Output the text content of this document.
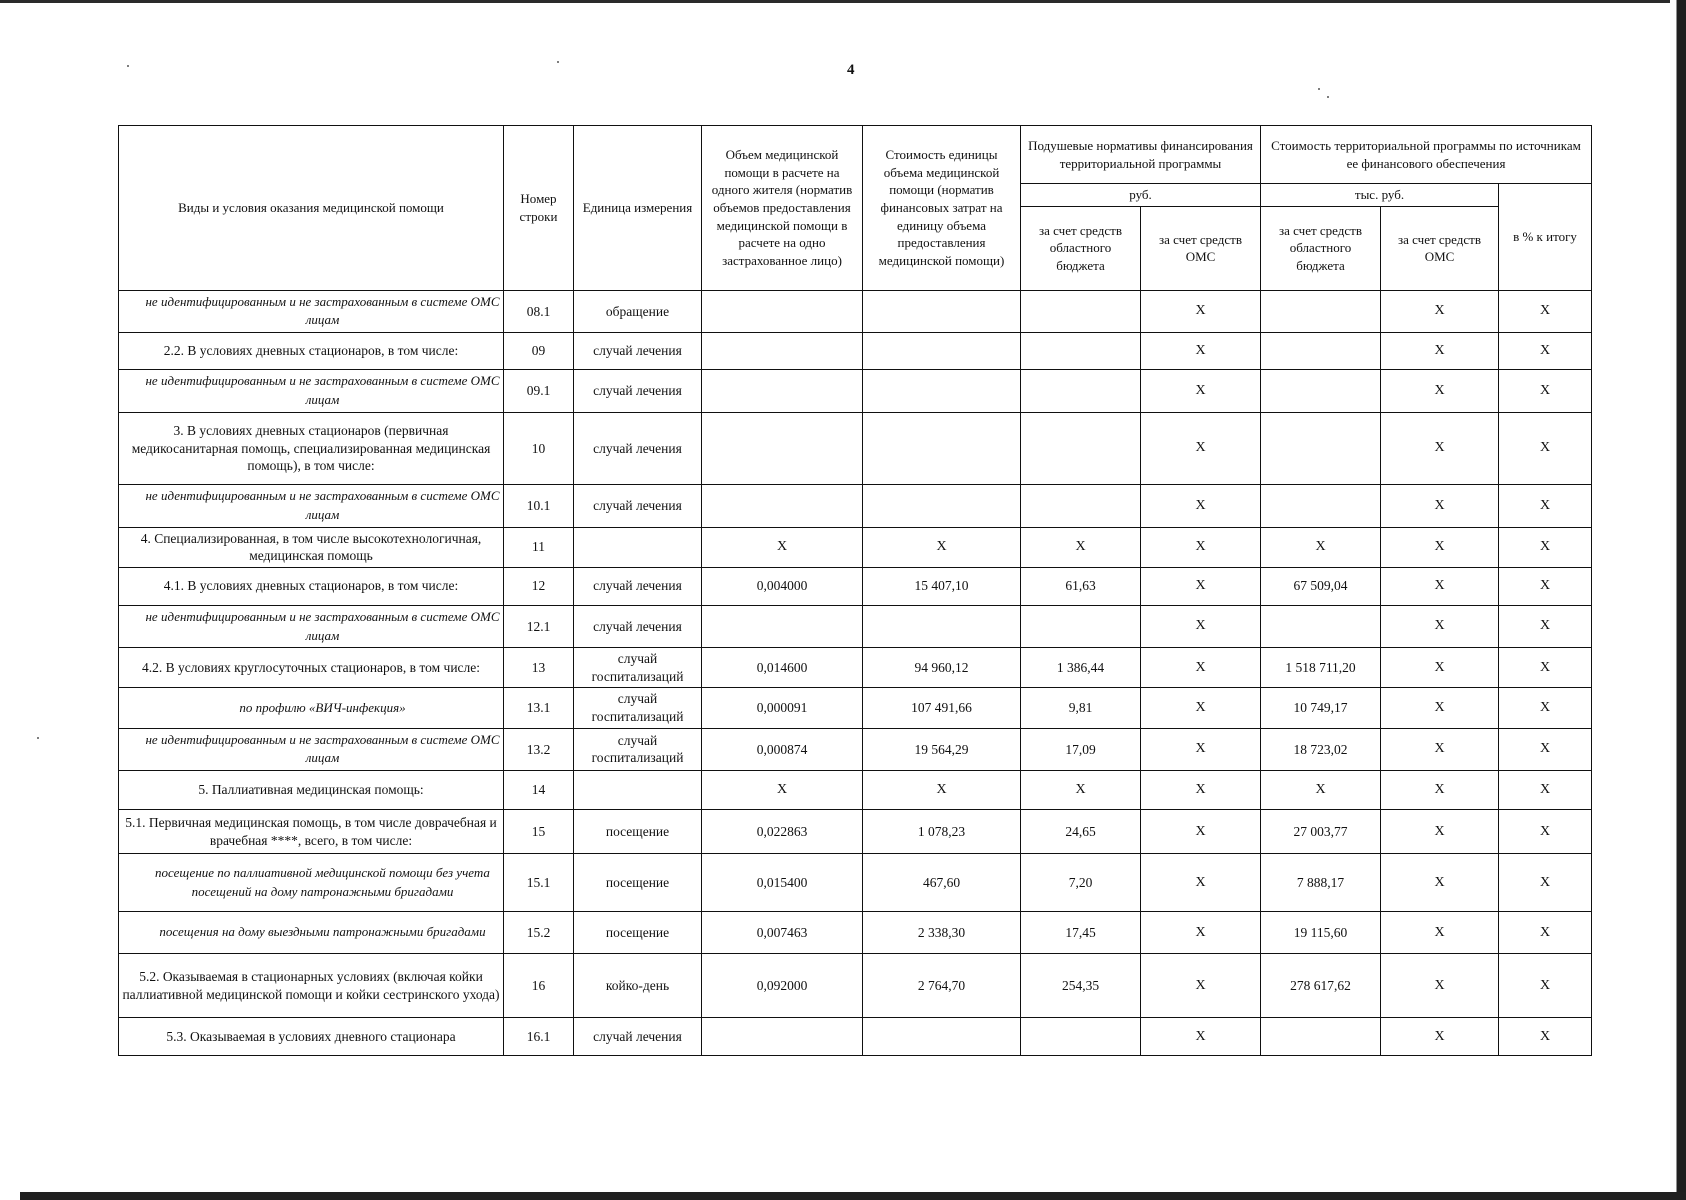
4
Виды и условия оказания медицинской помощи	Номер строки	Единица измерения	Объем медицинской помощи в расчете на одного жителя (норматив объемов предоставления медицинской помощи в расчете на одно застрахованное лицо)	Стоимость единицы объема медицинской помощи (норматив финансовых затрат на единицу объема предоставления медицинской помощи)	Подушевые нормативы финансирования территориальной программы		Стоимость территориальной программы по источникам ее финансового обеспечения		
					руб.		тыс. руб.		в % к итогу
					за счет средств областного бюджета	за счет средств ОМС	за счет средств областного бюджета	за счет средств ОМС	
не идентифицированным и не застрахованным в системе ОМС лицам	08.1	обращение				X		X	X
2.2. В условиях дневных стационаров, в том числе:	09	случай лечения				X		X	X
не идентифицированным и не застрахованным в системе ОМС лицам	09.1	случай лечения				X		X	X
3. В условиях дневных стационаров (первичная медикосанитарная помощь, специализированная медицинская помощь), в том числе:	10	случай лечения				X		X	X
не идентифицированным и не застрахованным в системе ОМС лицам	10.1	случай лечения				X		X	X
4. Специализированная, в том числе высокотехнологичная, медицинская помощь	11		X	X	X	X	X	X	X
4.1. В условиях дневных стационаров, в том числе:	12	случай лечения	0,004000	15 407,10	61,63	X	67 509,04	X	X
не идентифицированным и не застрахованным в системе ОМС лицам	12.1	случай лечения				X		X	X
4.2. В условиях круглосуточных стационаров, в том числе:	13	случай госпитализаций	0,014600	94 960,12	1 386,44	X	1 518 711,20	X	X
по профилю «ВИЧ-инфекция»	13.1	случай госпитализаций	0,000091	107 491,66	9,81	X	10 749,17	X	X
не идентифицированным и не застрахованным в системе ОМС лицам	13.2	случай госпитализаций	0,000874	19 564,29	17,09	X	18 723,02	X	X
5. Паллиативная медицинская помощь:	14		X	X	X	X	X	X	X
5.1. Первичная медицинская помощь, в том числе доврачебная и врачебная ****, всего, в том числе:	15	посещение	0,022863	1 078,23	24,65	X	27 003,77	X	X
посещение по паллиативной медицинской помощи без учета посещений на дому патронажными бригадами	15.1	посещение	0,015400	467,60	7,20	X	7 888,17	X	X
посещения на дому выездными патронажными бригадами	15.2	посещение	0,007463	2 338,30	17,45	X	19 115,60	X	X
5.2. Оказываемая в стационарных условиях (включая койки паллиативной медицинской помощи и койки сестринского ухода)	16	койко-день	0,092000	2 764,70	254,35	X	278 617,62	X	X
5.3. Оказываемая в условиях дневного стационара	16.1	случай лечения				X		X	X
